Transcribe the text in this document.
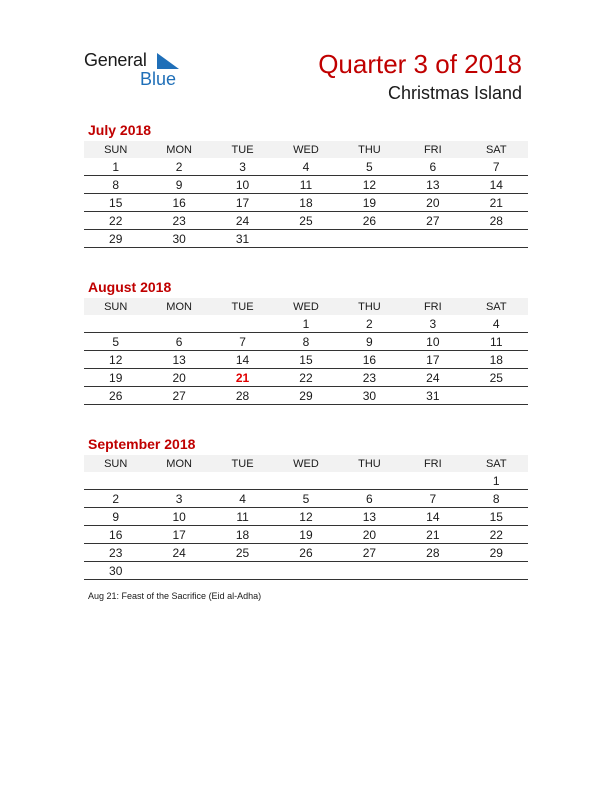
General
Blue	Quarter 3 of 2018
Christmas Island
July 2018
SUN	MON	TUE	WED	THU	FRI	SAT
1	2	3	4	5	6	7
8	9	10	11	12	13	14
15	16	17	18	19	20	21
22	23	24	25	26	27	28
29	30	31				
August 2018
SUN	MON	TUE	WED	THU	FRI	SAT
			1	2	3	4
5	6	7	8	9	10	11
12	13	14	15	16	17	18
19	20	21	22	23	24	25
26	27	28	29	30	31	
September 2018
SUN	MON	TUE	WED	THU	FRI	SAT
						1
2	3	4	5	6	7	8
9	10	11	12	13	14	15
16	17	18	19	20	21	22
23	24	25	26	27	28	29
30						
Aug 21: Feast of the Sacrifice (Eid al-Adha)
